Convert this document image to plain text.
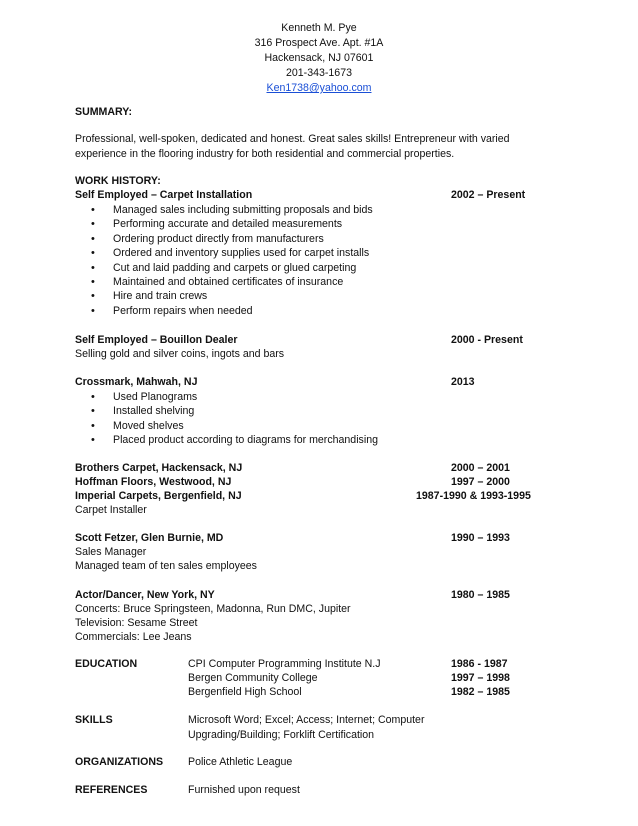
Kenneth M. Pye
316 Prospect Ave. Apt. #1A
Hackensack, NJ 07601
201-343-1673
Ken1738@yahoo.com
SUMMARY:
Professional, well-spoken, dedicated and honest. Great sales skills! Entrepreneur with varied
experience in the flooring industry for both residential and commercial properties.
WORK HISTORY:
Self Employed – Carpet Installation	2002 – Present
• Managed sales including submitting proposals and bids
• Performing accurate and detailed measurements
• Ordering product directly from manufacturers
• Ordered and inventory supplies used for carpet installs
• Cut and laid padding and carpets or glued carpeting
• Maintained and obtained certificates of insurance
• Hire and train crews
• Perform repairs when needed
Self Employed – Bouillon Dealer	2000 - Present
Selling gold and silver coins, ingots and bars
Crossmark, Mahwah, NJ	2013
• Used Planograms
• Installed shelving
• Moved shelves
• Placed product according to diagrams for merchandising
Brothers Carpet, Hackensack, NJ	2000 – 2001
Hoffman Floors, Westwood, NJ	1997 – 2000
Imperial Carpets, Bergenfield, NJ	1987-1990 & 1993-1995
Carpet Installer
Scott Fetzer, Glen Burnie, MD	1990 – 1993
Sales Manager
Managed team of ten sales employees
Actor/Dancer, New York, NY	1980 – 1985
Concerts: Bruce Springsteen, Madonna, Run DMC, Jupiter
Television: Sesame Street
Commercials: Lee Jeans
EDUCATION	CPI Computer Programming Institute N.J	1986 - 1987
Bergen Community College	1997 – 1998
Bergenfield High School	1982 – 1985
SKILLS	Microsoft Word; Excel; Access; Internet; Computer
Upgrading/Building; Forklift Certification
ORGANIZATIONS Police Athletic League
REFERENCES	Furnished upon request
